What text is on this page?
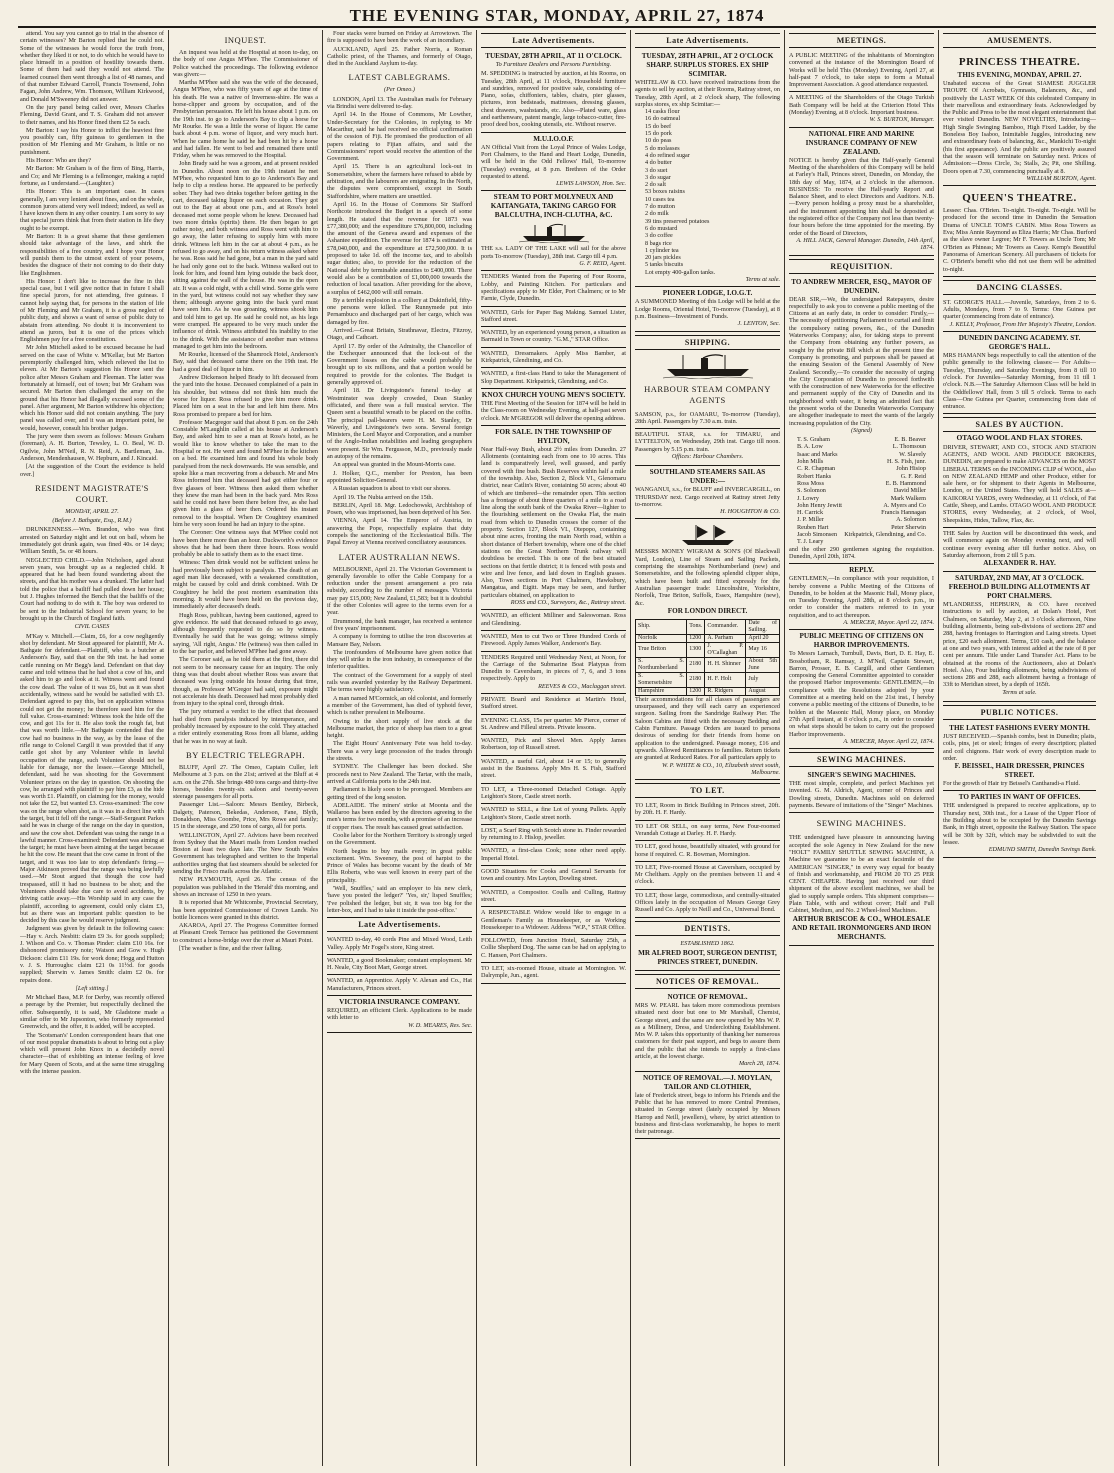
THE EVENING STAR, MONDAY, APRIL 27, 1874

attend. You say you cannot go to trial in the absence of certain witnesses? Mr Barton replied that he could not. Some of the witnesses he would force the truth from, whether they liked it or not, to do which he would have to place himself in a position of hostility towards them. Some of them had said they would not attend. The learned counsel then went through a list of 48 names, and of that number Edward Carroll, Francis Townsend, John Fagan, John Andrew, Wm. Thomson, William Kirkwood, and Donald M'Sweeney did not answer.

On the jury panel being called over, Messrs Charles Fleming, David Grant, and T. S. Graham did not answer to their names, and his Honor fined them £2 5s each.

Mr Barton: I say his Honor to inflict the heaviest fine you possibly can, fifty guineas to gentlemen in the position of Mr Fleming and Mr Graham, is little or no punishment.

His Honor: Who are they?

Mr Barton: Mr Graham is of the firm of Bing, Harris, and Co; and Mr Fleming is a fellmonger, making a rapid fortune, as I understand.—(Laughter.)

His Honor: This is an important case. In cases generally, I am very lenient about fines, and on the whole, common jurors attend very well indeed; indeed, as well as I have known them in any other country. I am sorry to say that special jurors think that from their station in life they ought to be exempt.

Mr Barton: It is a great shame that these gentlemen should take advantage of the laws, and shirk the responsibilities of a free country, and I hope your Honor will punish them to the utmost extent of your powers, besides the disgrace of their not coming to do their duty like Englishmen.

His Honor: I don't like to increase the fine in this special case, but I will give notice that in future I shall fine special jurors, for not attending, five guineas. I cannot help saying that, for persons in the station of life of Mr Fleming and Mr Graham, it is a gross neglect of public duty, and shows a want of sense of public duty to abstain from attending. No doubt it is inconvenient to attend as jurors, but it is one of the prices which Englishmen pay for a free constitution.

Mr John Mitchell asked to be excused because he had served on the case of White v. M'Kellar, but Mr Barton peremptorily challenged him, which relieved the list to eleven. At Mr Barton's suggestion his Honor sent the police after Messrs Graham and Fleeman. The latter was fortunately at himself, out of town; but Mr Graham was secured. Mr Barton then challenged the array on the ground that his Honor had illegally excused some of the panel. After argument, Mr Barton withdrew his objection; which his Honor said did not contain anything. The jury panel was called over, and it was an important point, he would, however, consult his brother judges.

The jury were then sworn as follows: Messrs Graham (foreman), A. H. Burton, Tewsley, L. O. Beal, W. D. Ogilvie, John M'Neil, R. N. Reid, A. Bartleman, Jas. Anderson, Mendenhausen, W. Hepburn, and J. Kincaid.

[At the suggestion of the Court the evidence is held over.]

RESIDENT MAGISTRATE'S COURT.
MONDAY, APRIL 27.
(Before J. Bathgate, Esq., R.M.)

DRUNKENNESS.—Wm. Brandon, who was first arrested on Saturday night and let out on bail, whom he immediately got drunk again, was fined 40s. or 14 days; William Smith, 5s. or 48 hours.

NEGLECTED CHILD.—John Nicholson, aged about seven years, was brought up as a neglected child. It appeared that he had been found wandering about the streets, and that his mother was a drunkard. The latter had told the police that a bailiff had pulled down her house; but J. Hughes informed the Bench that the bailiffs of the Court had nothing to do with it. The boy was ordered to be sent to the Industrial School for seven years; to be brought up in the Church of England faith.

CIVIL CASES

M'Kay v. Mitchell.—Claim, £6, for a cow negligently shot by defendant. Mr Stout appeared for plaintiff, Mr A. Bathgate for defendant.—Plaintiff, who is a butcher at Anderson's Bay, said that on the 9th inst. he had some cattle running on Mr Begg's land. Defendant on that day came and told witness that he had shot a cow of his, and asked him to go and look at it. Witness went and found the cow dead. The value of it was £6, but as it was shot accidentally, witness said he would be satisfied with £3. Defendant agreed to pay this, but on application witness could not get the money; he therefore sued him for the full value. Cross-examined: Witness took the hide off the cow, and got 11s for it. He also took the rough fat, but that was worth little.—Mr Bathgate contended that the cow had no business in the way, as by the lease of the rifle range to Colonel Cargill it was provided that if any cattle got shot by any Volunteer while in lawful occupation of the range, such Volunteer should not be liable for damage, nor the lessee.—George Mitchell, defendant, said he was shooting for the Government Volunteer prizes on the day in question. On shooting the cow, he arranged with plaintiff to pay him £3, as the hide was worth £1. Plaintiff, on claiming for the money, would not take the £2, but wanted £3. Cross-examined: The cow was on the range when shot, as it was in a direct line with the target, but it fell off the range.—Staff-Sergeant Parkes said he was in charge of the range on the day in question, and saw the cow shot. Defendant was using the range in a lawful manner. Cross-examined: Defendant was aiming at the target; he must have been aiming at the target because he hit the cow. He meant that the cow came in front of the target, and it was too late to stop defendant's firing.—Major Atkinson proved that the range was being lawfully used.—Mr Stout argued that though the cow had trespassed, still it had no business to be shot; and the Volunteers should take due care to avoid accidents, by driving cattle away.—His Worship said in any case the plaintiff, according to agreement, could only claim £3, but as there was an important public question to be decided by this case he would reserve judgment.

Judgment was given by default in the following cases:—Hay v. Arch. Nesbitt: claim £9 3s. for goods supplied; J. Wilson and Co. v. Thomas Pinder: claim £10 16s. for dishonored promissory note; Watson and Gow v. Hugh Dickson: claim £11 19s. for work done; Hogg and Hutton v. J. S. Hurroughs: claim £21 0s 11½d. for goods supplied; Sherwin v. James Smith: claim £2 0s. for repairs done.

[Left sitting.]

Mr Michael Bass, M.P. for Derby, was recently offered a peerage by the Premier, but respectfully declined the offer. Subsequently, it is said, Mr Gladstone made a similar offer to Mr Jupsonton, who formerly represented Greenwich, and the offer, it is added, will be accepted.

The 'Scotsman's' London correspondent hears that one of our most popular dramatists is about to bring out a play which will present John Knox in a decidedly novel character—that of exhibiting an intense feeling of love for Mary Queen of Scots, and at the same time struggling with the intense passion.

INQUEST.

An inquest was held at the Hospital at noon to-day, on the body of one Angus M'Phee. The Commissioner of Police watched the proceedings. The following evidence was given:—

Martha M'Phee said she was the wife of the deceased, Angus M'Phee, who was fifty years of age at the time of his death. He was a native of Inverness-shire. He was a horse-clipper and groom by occupation, and of the Presbyterian persuasion. He left his house about 1 p.m. on the 19th inst. to go to Anderson's Bay to clip a horse for Mr Rourke. He was a little the worse of liquor. He came back about 4 p.m. worse of liquor, and very much hurt. When he came home he said he had been hit by a horse and had fallen. He went to bed and remained there until Friday, when he was removed to the Hospital.

John Brady said he was a groom, and at present resided in Dunedin. About noon on the 19th instant he met M'Phee, who requested him to go to Anderson's Bay and help to clip a restless horse. He appeared to be perfectly sober. They had two drinks together before getting in the cart, deceased taking liquor on each occasion. They got out to the Bay at about one p.m., and at Ross's hotel deceased met some people whom he knew. Deceased had two more drinks (spirits) there. He then began to get rather noisy, and both witness and Ross went with him to go away, the latter refusing to supply him with more drink. Witness left him in the car at about 4 p.m., as he refused to go away, and on his return witness asked where he was. Ross said he had gone, but a man in the yard said he had only gone out to the back. Witness walked out to look for him, and found him lying outside the back door, sitting against the wall of the house. He was in the open air. It was a cold night, with a chill wind. Some girls were in the yard, but witness could not say whether they saw them; although anyone going into the back yard must have seen him. As he was groaning, witness shook him and told him to get up. He said he could not, as his legs were cramped. He appeared to be very much under the influence of drink. Witness attributed his inability to rise to the drink. With the assistance of another man witness managed to get him into the bedroom.

Mr Rourke, licensed of the Shamrock Hotel, Anderson's Bay, said that deceased came there on the 19th inst. He had a good deal of liquor in him.

Andrew Dickenson helped Brady to lift deceased from the yard into the house. Deceased complained of a pain in his shoulder, but witness did not think him much the worse for liquor. Ross refused to give him more drink. Placed him on a seat in the bar and left him there. Mrs Ross promised to prepare a bed for him.

Professor Macgregor said that about 8 p.m. on the 24th Constable M'Laughlin called at his house at Anderson's Bay, and asked him to see a man at Ross's hotel, as he would like to know whether to take the man to the Hospital or not. He went and found M'Phee in the kitchen on a bed. He examined him and found his whole body paralysed from the neck downwards. He was sensible, and spoke like a man recovering from a debauch. Mr and Mrs Ross informed him that deceased had got either four or five glasses of beer. Witness then asked them whether they knew the man had been in the back yard. Mrs Ross said he could not have been there before five, as she had given him a glass of beer then. Ordered his instant removal to the hospital. When Dr Coughtrey examined him he very soon found he had an injury to the spine.

The Coroner: One witness says that M'Phee could not have been there more than an hour. Duckworth's evidence shows that he had been there three hours. Ross would probably be able to satisfy them as to the exact time.

Witness: Then drink would not be sufficient unless he had previously been subject to paralysis. The death of an aged man like deceased, with a weakened constitution, might be caused by cold and drink combined. With Dr Coughtrey he held the post mortem examination this morning. It would have been held on the previous day, immediately after deceased's death.

Hugh Ross, publican, having been cautioned, agreed to give evidence. He said that deceased refused to go away, although frequently requested to do so by witness. Eventually he said that he was going; witness simply saying, 'All right, Angus.' He (witness) was then called in to the bar parlor, and believed M'Phee had gone away.

The Coroner said, as he told them at the first, there did not seem to be necessary cause for an inquiry. The only thing was that doubt about whether Ross was aware that deceased was lying outside his house during that time, though, as Professor M'Gregor had said, exposure might not accelerate his death. Deceased had most probably died from injury to the spinal cord, through drink.

The jury returned a verdict to the effect that deceased had died from paralysis induced by intemperance, and probably increased by exposure to the cold. They attached a rider entirely exonerating Ross from all blame, adding that he was in no way at fault.

BY ELECTRIC TELEGRAPH.

BLUFF, April 27. The Omeo, Captain Culler, left Melbourne at 3 p.m. on the 21st; arrived at the Bluff at 4 a.m. on the 27th. She brings 480 tons cargo and thirty-five horses, besides twenty-six saloon and twenty-seven steerage passengers for all ports.

Passenger List.—Saloon: Messrs Bentley, Birbeck, Dalgety, Paterson, Bekedas, Anderson, Fane, Blyth, Donaldson, Miss Coombe, Price, Mrs Rowe and family; 15 in the steerage, and 250 tons of cargo, all for ports.

WELLINGTON, April 27. Advices have been received from Sydney that the Mauri mails from London reached Boston at least two days late. The New South Wales Government has telegraphed and written to the Imperial authorities urging that fast steamers should be selected for sending the Frisco mails across the Atlantic.

NEW PLYMOUTH, April 26. The census of the population was published in the 'Herald' this morning, and shows an increase of 1250 in two years.

It is reported that Mr Whitcombe, Provincial Secretary, has been appointed Commissioner of Crown Lands. No bottle licences were granted in this district.

AKAROA, April 27. The Progress Committee formed at Pleasant Creek Terrace has petitioned the Government to construct a horse-bridge over the river at Mauri Point.

[The weather is fine, and the river falling.

Four stacks were burned on Friday at Arrowtown. The fire is supposed to have been the work of an incendiary.

AUCKLAND, April 25. Father Norris, a Roman Catholic priest, of the Thames, and formerly of Otago, died in the Auckland Asylum to-day.

LATEST CABLEGRAMS.
(Per Omeo.)

LONDON, April 13. The Australian mails for February via Brindisi were delivered to-day.

April 14. In the House of Commons, Mr Lowther, Under-Secretary for the Colonies, in replying to Mr Macarthur, said he had received no official confirmation of the cession of Fiji. He promised the production of all papers relating to Fijian affairs, and said the Commissioners' report would receive the attention of the Government.

April 15. There is an agricultural lock-out in Somersetshire, where the farmers have refused to abide by arbitration, and the labourers are emigrating. In the North, the disputes were compromised, except in South Staffordshire, where matters are unsettled.

April 16. In the House of Commons Sir Stafford Northcote introduced the Budget in a speech of some length. He stated that the revenue for 1873 was £77,380,000; and the expenditure £76,800,000, including the amount of the Geneva award and expenses of the Ashantee expedition. The revenue for 1874 is estimated at £78,040,000, and the expenditure at £72,500,000. It is proposed to take 1d. off the income tax, and to abolish sugar duties; also, to provide for the reduction of the National debt by terminable annuities to £400,000. There would also be a contribution of £1,000,000 towards the reduction of local taxation. After providing for the above, a surplus of £462,000 will still remain.

By a terrible explosion in a colliery at Dukinfield, fifty-one persons were killed. The Runnymede put into Pernambuco and discharged part of her cargo, which was damaged by fire.

Arrived.—Great Britain, Strathnavar, Electra, Fitzroy, Otago, and Cathcart.

April 17. By order of the Admiralty, the Chancellor of the Exchequer announced that the lock-out of the Government losses on the cable would probably be brought up to six millions, and that a portion would be required to provide for the colonies. The Budget is generally approved of.

April 18. Dr Livingstone's funeral to-day at Westminster was deeply crowded, Dean Stanley officiated, and there was a full musical service. The Queen sent a beautiful wreath to be placed on the coffin. The principal pall-bearers were H. M. Stanley, Dr Waverly, and Livingstone's two sons. Several foreign Ministers, the Lord Mayor and Corporation, and a number of the Anglo-Indian notabilities and leading geographers were present. Sir Wm. Fergusson, M.D., previously made an autopsy of the remains.

An appeal was granted in the Mount-Morris case.

J. Holker, Q.C., member for Preston, has been appointed Solicitor-General.

A Russian squadron is about to visit our shores.

April 19. The Nubia arrived on the 15th.

BERLIN, April 18. Mgr. Ledochowski, Archbishop of Posen, who was imprisoned, has been deprived of his See.

VIENNA, April 14. The Emperor of Austria, in answering the Pope, respectfully explains that duty compels the sanctioning of the Ecclesiastical Bills. The Papal Envoy at Vienna received conciliatory assurances.

LATER AUSTRALIAN NEWS.

MELBOURNE, April 21. The Victorian Government is generally favorable to offer the Cable Company for a reduction under the present arrangement a pro rata subsidy, according to the number of messages. Victoria may pay £15,000; New Zealand, £1,583; but it is doubtful if the other Colonies will agree to the terms even for a year.

Drummond, the bank manager, has received a sentence of five years' imprisonment.

A company is forming to utilise the iron discoveries at Mansare Bay, Nelson.

The ironfounders of Melbourne have given notice that they will strike in the iron industry, in consequence of the inferior qualities.

The contract of the Government for a supply of steel rails was awarded yesterday by the Railway Department. The terms were highly satisfactory.

A man named M'Cormick, an old colonist, and formerly a member of the Government, has died of typhoid fever, which is rather prevalent in Melbourne.

Owing to the short supply of live stock at the Melbourne market, the price of sheep has risen to a great height.

The Eight Hours' Anniversary Fete was held to-day. There was a very large procession of the trades through the streets.

SYDNEY. The Challenger has been docked. She proceeds next to New Zealand. The Tartar, with the mails, arrived at California ports to the 24th inst.

Parliament is likely soon to be prorogued. Members are getting tired of the long session.

ADELAIDE. The miners' strike at Moonta and the Wallaroo has been ended by the directors agreeing to the men's terms for two months, with a promise of an increase if copper rises. The result has caused great satisfaction.

Coolie labor for the Northern Territory is strongly urged on the Government.

North begins to buy mails every; in great public excitement. Wm. Sweeney, the post of harpist to the Prince of Wales has become vacant by the death of Mr Ellis Roberts, who was well known in every part of the principality.

'Well, Snuffles,' said an employer to his new clerk, 'have you posted the ledger?' 'Yes, sir,' lisped Snuffles; 'I've polished the ledger, but sir, it was too big for the letter-box, and I had to take it inside the post-office.'

Late Advertisements.
WANTED to-day, 40 cords Pine and Mixed Wood, Leith Valley. Apply Mr Fogel's store, King street.
WANTED, a good Bookmaker; constant employment. Mr H. Neale, City Boot Mart, George street.
WANTED, an Apprentice. Apply V. Alexan and Co., Hat Manufacturers, Princes street.
VICTORIA INSURANCE COMPANY.
REQUIRED, an efficient Clerk. Applications to be made with letter to
W. D. MEARES, Res. Sec.
Late Advertisements.
TUESDAY, 28TH APRIL, AT 11 O'CLOCK.
To Furniture Dealers and Persons Furnishing.
M. SPEDDING is instructed by auction, at his Rooms, on Tuesday, 28th April, at 11 o'clock, Household furniture and sundries, removed for positive sale, consisting of—Piano, sofas, chiffoniers, tables, chairs, pier glasses, pictures, iron bedsteads, mattresses, dressing glasses, chest drawers, washstands, etc. Also—Plated ware, glass and earthenware, patent mangle, large tobacco-cutter, fire-proof deed box, cooking utensils, etc. Without reserve.
M.U.I.O.O.F.
AN Official Visit from the Loyal Prince of Wales Lodge, Port Chalmers, to the Hand and Heart Lodge, Dunedin, will be held in the Odd Fellows' Hall, To-morrow (Tuesday) evening, at 8 p.m. Brethren of the Order requested to attend.
LEWIS LAWSON, Hon. Sec.
STEAM TO PORT MOLYNEUX AND KAITANGATA, TAKING CARGO FOR BALCLUTHA, INCH-CLUTHA, &C.
THE s.s. LADY OF THE LAKE will sail for the above ports To-morrow (Tuesday), 28th inst. Cargo till 4 p.m.
G. F. REID, Agent.
TENDERS Wanted from the Papering of Four Rooms, Lobby, and Painting Kitchen. For particulars and specifications apply to Mr Elder, Port Chalmers; or to Mr Farnie, Clyde, Dunedin.
WANTED, Girls for Paper Bag Making. Samuel Lister, Stafford street.
WANTED, by an experienced young person, a situation as Barmaid in Town or country. "G.M.," STAR Office.
WANTED, Dressmakers. Apply Miss Bamber, at Kirkpatrick, Glendining, and Co.
WANTED, a first-class Hand to take the Management of Slop Department. Kirkpatrick, Glendining, and Co.
KNOX CHURCH YOUNG MEN'S SOCIETY.
THE First Meeting of the Session for 1874 will be held in the Class-room on Wednesday Evening, at half-past seven o'clock. Mr M'GREGOR will deliver the opening address.
FOR SALE. IN THE TOWNSHIP OF HYLTON,
Near Half-way Bush, about 2½ miles from Dunedin. 27 Allotments (containing each from one to 10 acres. This land is comparatively level, well grassed, and partly covered with fine bush. Bush Reserves within half a mile of the township. Also, Section 2, Block VI., Glenomaru district, near Catlin's River, containing 50 acres; about 40 of which are timbered—the remainder open. This section has a frontage of about three quarters of a mile to a road line along the south bank of the Owaka River—lighter to the flourishing settlement on the Owaka Flat, the main road from which to Dunedin crosses the corner of the property. Section 127, Block VI., Otepopo, containing about nine acres, fronting the main North road, within a short distance of Herbert township, where one of the chief stations on the Great Northern Trunk railway will doubtless be erected. This is one of the best situated sections on that fertile district; it is fenced with posts and wire and live fence, and laid down in English grasses. Also, Town sections in Port Chalmers, Hawksbury, Mangatua, and Eigitt. Maps may be seen, and further particulars obtained, on application to
ROSS and CO., Surveyors, &c., Rattray street.
WANTED, an efficient Milliner and Saleswoman. Ross and Glendining.
WANTED, Men to cut Two or Three Hundred Cords of Firewood. Apply James Walker, Anderson's Bay.
TENDERS Required until Wednesday Next, at Noon, for the Carriage of the Submarine Boat Platypus from Dunedin to Caversham, in pieces of 7, 6, and 3 tons respectively. Apply to
REEVES & CO., Maclaggan street.
PRIVATE Board and Residence at Martin's Hotel, Stafford street.
EVENING CLASS, 15s per quarter. Mr Pierce, corner of St. Andrew and Filleul streets. Private lessons.
WANTED, Pick and Shovel Men. Apply James Robertson, top of Russell street.
WANTED, a useful Girl, about 14 or 15; to generally assist in the Business. Apply Mrs H. S. Fish, Stafford street.
TO LET, a Three-roomed Detached Cottage. Apply Leighton's Store, Castle street north.
WANTED to SELL, a fine Lot of young Pullets. Apply Leighton's Store, Castle street north.
LOST, a Scarf Ring with Scotch stone in. Finder rewarded by returning to J. Hislop, jeweller.
WANTED, a first-class Cook; none other need apply. Imperial Hotel.
GOOD Situations for Cooks and General Servants for town and country. Mrs Layton, Dowling street.
WANTED, a Compositor. Coulls and Culling, Rattray street.
A RESPECTABLE Widow would like to engage in a Gentleman's Family as Housekeeper, or as Working Housekeeper to a Widower. Address "W.P.," STAR Office.
FOLLOWED, from Junction Hotel, Saturday 25th, a Collie Shepherd Dog. The same can be had on applying to C. Hansen, Port Chalmers.
TO LET, six-roomed House, situate at Mornington. W. Dalrymple, Jun., agent.
Late Advertisements.
TUESDAY, 28TH APRIL, AT 2 O'CLOCK SHARP. SURPLUS STORES. EX SHIP SCIMITAR.
WHITELAW & CO. have received instructions from the agents to sell by auction, at their Rooms, Rattray street, on Tuesday, 28th April, at 2 o'clock sharp, The following surplus stores, ex ship Scimitar:—
14 casks flour
16 do oatmeal
15 do beef
15 do pork
10 do peas
5 do molasses
4 do refined sugar
4 do butter
3 do suet
3 do sugar
2 do salt
53 boxes raisins
10 cases tea
7 do mutton
2 do milk
39 tins preserved potatoes
6 do mustard
3 do coffee
8 bags rice
1 cylinder tea
20 jars pickles
5 tanks biscuits
Lot empty 400-gallon tanks.
Terms at sale.
PIONEER LODGE, I.O.G.T.
A SUMMONED Meeting of this Lodge will be held at the Lodge Rooms, Oriental Hotel, To-morrow (Tuesday), at 8 p.m. Business—Investment of Funds.
J. LENTON, Sec.
SHIPPING.
HARBOUR STEAM COMPANY AGENTS
SAMSON, p.s., for OAMARU, To-morrow (Tuesday), 28th April. Passengers by 7.30 a.m. train.
BEAUTIFUL STAR, s.s. for TIMARU, and LYTTELTON, on Wednesday, 29th inst. Cargo till noon. Passengers by 5.15 p.m. train.
Offices: Harbour Chambers.
SOUTHLAND STEAMERS SAIL AS UNDER:—
WANGANUI, s.s., for BLUFF and INVERCARGILL, on THURSDAY next. Cargo received at Rattray street Jetty to-morrow.
H. HOUGHTON & CO.
MESSRS MONEY WIGRAM & SON'S (Of Blackwall Yard, London), Line of Steam and Sailing Packets, comprising the steamships Northumberland (new) and Somersetshire, and the following splendid clipper ships, which have been built and fitted expressly for the Australian passenger trade: Lincolnshire, Yorkshire, Norfolk, True Briton, Suffolk, Essex, Hampshire (new), &c.
FOR LONDON DIRECT.
Ship.	Tons.	Commander.	Date of Sailing.
Norfolk	1200	A. Parham	April 20
True Briton	1300	J. P. O'Callaghan	May 16
S. S. Northumberland	2180	H. H. Shinner	About 5th June
S. S. Somersetshire	2180	H. F. Holt	July
Hampshire	1200	R. Ridgers	August
Their accommodations for all classes of passengers are unsurpassed, and they will each carry an experienced surgeon. Sailing from the Sandridge Railway Pier. The Saloon Cabins are fitted with the necessary Bedding and Cabin Furniture. Passage Orders are issued to persons desirous of sending for their friends from home on application to the undersigned. Passage money, £16 and upwards. Allowed Remittances to families. Return tickets are granted at Reduced Rates. For all particulars apply to
W. P. WHITE & CO., 10, Elizabeth street south, Melbourne.
TO LET.
TO LET, Room in Brick Building in Princes street, 20ft. by 20ft. H. F. Hardy.
TO LET OR SELL, on easy terms, New Four-roomed Verandah Cottage at Darley. H. F. Hardy.
TO LET, good house, beautifully situated, with ground for horse if required. C. R. Bowman, Mornington.
TO LET, Five-roomed House at Caversham, occupied by Mr Cheltham. Apply on the premises between 11 and 4 o'clock.
TO LET, those large, commodious, and centrally-situated Offices lately in the occupation of Messrs George Grey Russell and Co. Apply to Neill and Co., Universal Bond.
DENTISTS.
ESTABLISHED 1862.
MR ALFRED BOOT, SURGEON DENTIST, PRINCES STREET, DUNEDIN.
NOTICES OF REMOVAL.
NOTICE OF REMOVAL.
MRS W. PEARL has taken more commodious premises situated next door but one to Mr Marshall, Chemist, George street, and the same are now opened by Mrs W. P. as a Millinery, Dress, and Underclothing Establishment. Mrs W. P. takes this opportunity of thanking her numerous customers for their past support, and begs to assure them and the public that she intends to supply a first-class article, at the lowest charge.
March 28, 1874.
NOTICE OF REMOVAL.—J. MOYLAN, TAILOR AND CLOTHIER,
late of Frederick street, begs to inform his Friends and the Public that he has removed to more Central Premises, situated in George street (lately occupied by Messrs Harrop and Neill, jewellers), where, by strict attention to business and first-class workmanship, he hopes to merit their patronage.
MEETINGS.
A PUBLIC MEETING of the inhabitants of Mornington convened at the instance of the Mornington Board of Works will be held This (Monday) Evening, April 27, at half-past 7 o'clock, to take steps to form a Mutual Improvement Association. A good attendance requested.
A MEETING of the Shareholders of the Otago Turkish Bath Company will be held at the Criterion Hotel This (Monday) Evening, at 8 o'clock. Important business.
W. S. BURTON, Manager.
NATIONAL FIRE AND MARINE INSURANCE COMPANY OF NEW ZEALAND.
NOTICE is hereby given that the Half-yearly General Meeting of the shareholders of this Company will be held at Farley's Hall, Princes street, Dunedin, on Monday, the 18th day of May, 1874, at 2 o'clock in the afternoon. BUSINESS: To receive the Half-yearly Report and Balance Sheet, and to elect Directors and Auditors. N.B.—Every person holding a proxy must be a shareholder, and the instrument appointing him shall be deposited at the registered office of the Company not less than twenty-four hours before the time appointed for the meeting. By order of the Board of Directors,
A. HILL JACK, General Manager. Dunedin, 14th April, 1874.
REQUISITION.
TO ANDREW MERCER, ESQ., MAYOR OF DUNEDIN.
DEAR SIR,—We, the undersigned Ratepayers, desire respectfully to ask you to convene a public meeting of the Citizens at an early date, in order to consider: Firstly,—The necessity of petitioning Parliament to curtail and limit the compulsory rating powers, &c., of the Dunedin Waterworks Company; also, for taking steps to prevent the Company from obtaining any further powers, as sought by the private Bill which at the present time the Company is promoting, and purposes shall be passed at the ensuing Session of the General Assembly of New Zealand. Secondly,—To consider the necessity of urging the City Corporation of Dunedin to proceed forthwith with the construction of new Waterworks for the effective and permanent supply of the City of Dunedin and its neighborhood with water, it being an admitted fact that the present works of the Dunedin Waterworks Company are altogether inadequate to meet the wants of the largely increasing population of the City.
(Signed)
T. S. Graham	E. B. Beaver
B. A. Low	L. Thomsoun
Isaac and Marks	W. Slavely
John Mills	H. S. Fish, junr.
C. R. Chapman	John Hisiop
Robert Hanks	G. F. Reid
Ross Moss	E. B. Hammond
S. Solomon	David Miller
J. Lowry	Mark Walkem
John Henry Jewitt	A. Myers and Co
H. Carrick	Francis Hannagan
J. P. Miller	A. Solomon
Reuben Hart	Peter Sherwin
Jacob Simonsen Kirkpatrick, Glendining, and Co.
T. J. Leary
and the other 290 gentlemen signing the requisition. Dunedin, April 20th, 1874.
REPLY.
GENTLEMEN,—In compliance with your requisition, I hereby convene a Public Meeting of the Citizens of Dunedin, to be holden at the Masonic Hall, Moray place, on Tuesday Evening, April 28th, at 8 o'clock p.m., in order to consider the matters referred to in your requisition, and to act thereupon.
A. MERCER, Mayor. April 22, 1874.
PUBLIC MEETING OF CITIZENS ON HARBOR IMPROVEMENTS.
To Messrs Larnach, Turnbull, Davis, Burt, D. E. Hay, E. Bossbotham, R. Ramsay, J. M'Neil, Captain Stewart, Barron, Prosser, E. B. Cargill, and other Gentlemen composing the General Committee appointed to consider the proposed Harbor improvements: GENTLEMEN,—In compliance with the Resolutions adopted by your Committee at a meeting held on the 21st inst., I hereby convene a public meeting of the citizens of Dunedin, to be holden at the Masonic Hall, Moray place, on Monday 27th April instant, at 8 o'clock p.m., in order to consider on what steps should be taken to carry out the proposed Harbor improvements.
A. MERCER, Mayor. April 22, 1874.
SEWING MACHINES.
SINGER'S SEWING MACHINES.
THE most simple, complete, and perfect Machines yet invented. G. M. Aldrich, Agent, corner of Princes and Dowling streets, Dunedin. Machines sold on deferred payments. Beware of imitations of the "Singer" Machines.
SEWING MACHINES.
THE undersigned have pleasure in announcing having accepted the sole Agency in New Zealand for the new "HOLT" FAMILY SHUTTLE SEWING MACHINE, A Machine we guarantee to be an exact facsimile of the AMERICAN "SINGER," in every way equal for beauty of finish and workmanship, and FROM 20 TO 25 PER CENT. CHEAPER. Having just received our third shipment of the above excellent machines, we shall be glad to supply sample orders. This shipment comprises—Plain Table, with and without cover; Half and Full Cabinet, Medium, and No. 2 Wheel-feed Machines.
ARTHUR BRISCOE & CO., WHOLESALE AND RETAIL IRONMONGERS AND IRON MERCHANTS.
AMUSEMENTS.
PRINCESS THEATRE.
THIS EVENING, MONDAY, APRIL 27.
Unabated success of the Great SIAMESE JUGGLER TROUPE Of Acrobats, Gymnasts, Balancers, &c., and positively the LAST WEEK Of this celebrated Company in their marvellous and extraordinary feats. Acknowledged by the Public and Press to be the most elegant entertainment that ever visited Dunedin. NEW NOVELTIES, Introducing—High Single Swinging Bamboo, High Fixed Ladder, by the Boneless Boy Isaboo, Inimitable Juggles, introducing new and extraordinary feats of balancing, &c., Mankichi To-night (his first appearance). And the public are positively assured that the season will terminate on Saturday next. Prices of Admission:—Dress Circle, 3s; Stalls, 2s; Pit, one Shilling. Doors open at 7.30, commencing punctually at 8.
WILLIAM BURTON, Agent.
QUEEN'S THEATRE.
Lessee: Chas. O'Brien. To-night. To-night. To-night. Will be produced for the second time in Dunedin the Sensation Drama of UNCLE TOM'S CABIN. Miss Rosa Towers as Eva; Miss Annie Raymond as Eliza Harris; Mr Chas. Burford as the slave owner Legree; Mr F. Towers as Uncle Tom; Mr O'Brien as Phineas; Mr Towers as Cassy. Kemp's Beautiful Panorama of American Scenery. All purchasers of tickets for C. O'Brien's benefit who did not use them will be admitted to-night.
DANCING CLASSES.
ST. GEORGE'S HALL.—Juvenile, Saturdays, from 2 to 6. Adults, Mondays, from 7 to 9. Terms: One Guinea per quarter (commencing from date of entrance).
J. KELLY, Professor, From Her Majesty's Theatre, London.
DUNEDIN DANCING ACADEMY. ST. GEORGE'S HALL.
MRS HAMANN begs respectfully to call the attention of the public generally to the following classes:— For Adults—Tuesday, Thursday, and Saturday Evenings, from 8 till 10 o'clock. For Juveniles—Saturday Morning, from 11 till 1 o'clock. N.B.—The Saturday Afternoon Class will be held in the Oddfellows' Hall, from 3 till 5 o'clock. Terms to each Class—One Guinea per Quarter, commencing from date of entrance.
SALES BY AUCTION.
OTAGO WOOL AND FLAX STORES.
DRIVER, STEWART, AND CO., STOCK AND STATION AGENTS, AND WOOL AND PRODUCE BROKERS, DUNEDIN, are prepared to make ADVANCES on the MOST LIBERAL TERMS on the INCOMING CLIP of WOOL, also on NEW ZEALAND HEMP and other Produce, either for sale here, or for shipment to their Agents in Melbourne, London, or the United States. They will hold SALES at—KAIKORAI YARDS, every Wednesday, at 11 o'clock, of Fat Cattle, Sheep, and Lambs. OTAGO WOOL AND PRODUCE STORES, every Wednesday, at 2 o'clock, of Wool, Sheepskins, Hides, Tallow, Flax, &c.
THE Sales by Auction will be discontinued this week, and will commence again on Monday evening next, and will continue every evening after till further notice. Also, on Saturday afternoon, from 2 till 5 p.m.
ALEXANDER R. HAY.
SATURDAY, 2ND MAY, AT 3 O'CLOCK.
FREEHOLD BUILDING ALLOTMENTS AT PORT CHALMERS.
M'LANDRESS, HEPBURN, & CO. have received instructions to sell by auction, at Dolan's Hotel, Port Chalmers, on Saturday, May 2, at 3 o'clock afternoon, Nine building allotments, being sub-divisions of sections 287 and 288, having frontages to Harrington and Laing streets. Upset price, £20 each allotment. Terms, £10 cash, and the balance at one and two years, with interest added at the rate of 8 per cent per annum. Title under Land Transfer Act. Plans to be obtained at the rooms of the Auctioneers, also at Dolan's Hotel. Also, Four building allotments, being subdivisions of sections 286 and 288, each allotment having a frontage of 33ft to Meridian street, by a depth of 165ft.
Terms at sale.
PUBLIC NOTICES.
THE LATEST FASHIONS EVERY MONTH.
JUST RECEIVED.—Spanish combs, best in Dunedin; plaits, coils, pins, jet or steel; fringes of every description; plaited and coil chignons. Hair work of every description made to order.
F. BEISSEL, HAIR DRESSER, PRINCES STREET.
For the growth of Hair try Beissel's Cantharadi-a Fluid.
TO PARTIES IN WANT OF OFFICES.
THE undersigned is prepared to receive applications, up to Thursday next, 30th inst., for a Lease of the Upper Floor of the Building about to be occupied by the Dunedin Savings Bank, in High street, opposite the Railway Station. The space will be 30ft by 32ft, which may be subdivided to suit the lessee.
EDMUND SMITH, Dunedin Savings Bank.
